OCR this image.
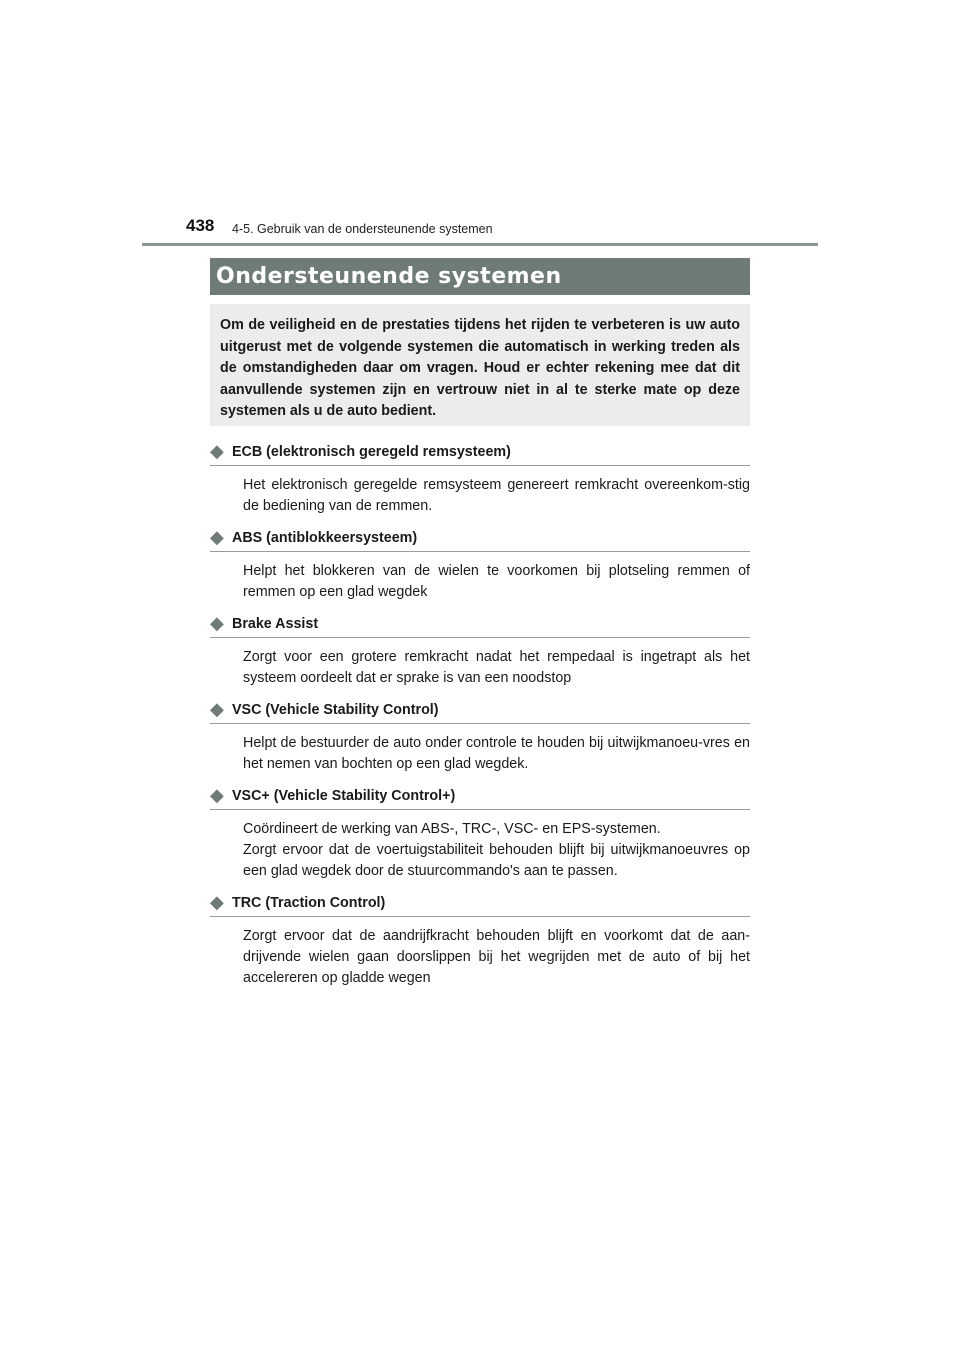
438 4-5. Gebruik van de ondersteunende systemen
Ondersteunende systemen
Om de veiligheid en de prestaties tijdens het rijden te verbeteren is uw auto uitgerust met de volgende systemen die automatisch in werking treden als de omstandigheden daar om vragen. Houd er echter rekening mee dat dit aanvullende systemen zijn en vertrouw niet in al te sterke mate op deze systemen als u de auto bedient.
◆ ECB (elektronisch geregeld remsysteem)

Het elektronisch geregelde remsysteem genereert remkracht overeenkom-stig de bediening van de remmen.

◆ ABS (antiblokkeersysteem)

Helpt het blokkeren van de wielen te voorkomen bij plotseling remmen of remmen op een glad wegdek

◆ Brake Assist

Zorgt voor een grotere remkracht nadat het rempedaal is ingetrapt als het systeem oordeelt dat er sprake is van een noodstop

◆ VSC (Vehicle Stability Control)

Helpt de bestuurder de auto onder controle te houden bij uitwijkmanoeu-vres en het nemen van bochten op een glad wegdek.

◆ VSC+ (Vehicle Stability Control+)

Coördineert de werking van ABS-, TRC-, VSC- en EPS-systemen.

Zorgt ervoor dat de voertuigstabiliteit behouden blijft bij uitwijkmanoeuvres op een glad wegdek door de stuurcommando's aan te passen.

◆ TRC (Traction Control)

Zorgt ervoor dat de aandrijfkracht behouden blijft en voorkomt dat de aan-drijvende wielen gaan doorslippen bij het wegrijden met de auto of bij het accelereren op gladde wegen
